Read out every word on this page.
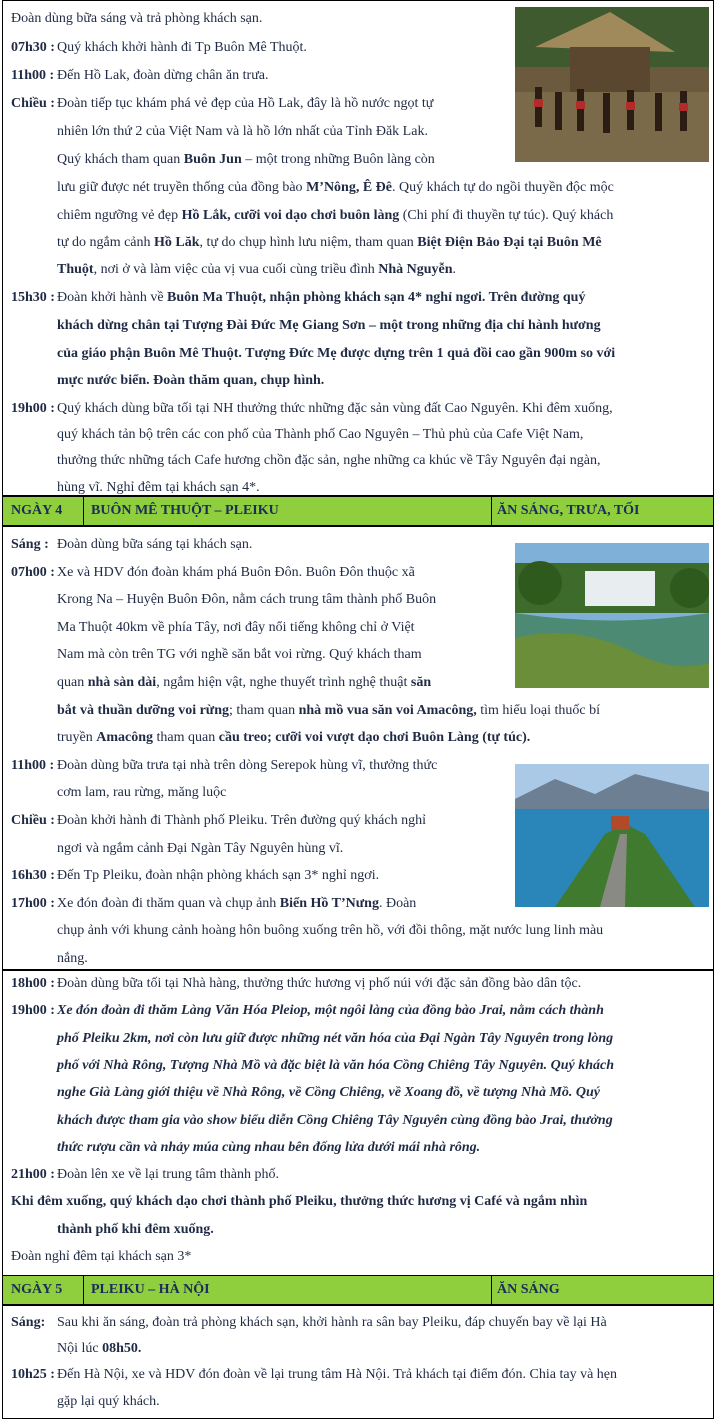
Đoàn dùng bữa sáng và trả phòng khách sạn.
07h30 : Quý khách khởi hành đi Tp Buôn Mê Thuột.
11h00 : Đến Hồ Lak, đoàn dừng chân ăn trưa.
Chiều : Đoàn tiếp tục khám phá vẻ đẹp của Hồ Lak, đây là hồ nước ngọt tự
nhiên lớn thứ 2 của Việt Nam và là hồ lớn nhất của Tỉnh Đăk Lak.
Quý khách tham quan Buôn Jun – một trong những Buôn làng còn
lưu giữ được nét truyền thống của đồng bào M’Nông, Ê Đê. Quý khách tự do ngồi thuyền độc mộc
chiêm ngưỡng vẻ đẹp Hồ Lắk, cưỡi voi dạo chơi buôn làng (Chi phí đi thuyền tự túc). Quý khách
tự do ngắm cảnh Hồ Lăk, tự do chụp hình lưu niệm, tham quan Biệt Điện Bảo Đại tại Buôn Mê
Thuột, nơi ở và làm việc của vị vua cuối cùng triều đình Nhà Nguyễn.
15h30 : Đoàn khởi hành về Buôn Ma Thuột, nhận phòng khách sạn 4* nghỉ ngơi. Trên đường quý
khách dừng chân tại Tượng Đài Đức Mẹ Giang Sơn – một trong những địa chỉ hành hương
của giáo phận Buôn Mê Thuột. Tượng Đức Mẹ được dựng trên 1 quả đồi cao gần 900m so với
mực nước biển. Đoàn thăm quan, chụp hình.
19h00 : Quý khách dùng bữa tối tại NH thưởng thức những đặc sản vùng đất Cao Nguyên. Khi đêm xuống,
quý khách tản bộ trên các con phố của Thành phố Cao Nguyên – Thủ phủ của Cafe Việt Nam,
thưởng thức những tách Cafe hương chồn đặc sản, nghe những ca khúc về Tây Nguyên đại ngàn,
hùng vĩ. Nghỉ đêm tại khách sạn 4*.
NGÀY 4 BUÔN MÊ THUỘT – PLEIKU	ĂN SÁNG, TRƯA, TỐI
Sáng : Đoàn dùng bữa sáng tại khách sạn.
07h00 : Xe và HDV đón đoàn khám phá Buôn Đôn. Buôn Đôn thuộc xã
Krong Na – Huyện Buôn Đôn, nằm cách trung tâm thành phố Buôn
Ma Thuột 40km về phía Tây, nơi đây nổi tiếng không chỉ ở Việt
Nam mà còn trên TG với nghề săn bắt voi rừng. Quý khách tham
quan nhà sàn dài, ngắm hiện vật, nghe thuyết trình nghệ thuật săn
bắt và thuần dưỡng voi rừng; tham quan nhà mồ vua săn voi Amacông, tìm hiểu loại thuốc bí
truyền Amacông tham quan cầu treo; cưỡi voi vượt dạo chơi Buôn Làng (tự túc).
11h00 : Đoàn dùng bữa trưa tại nhà trên dòng Serepok hùng vĩ, thưởng thức
cơm lam, rau rừng, măng luộc
Chiều : Đoàn khởi hành đi Thành phố Pleiku. Trên đường quý khách nghỉ
ngơi và ngắm cảnh Đại Ngàn Tây Nguyên hùng vĩ.
16h30 : Đến Tp Pleiku, đoàn nhận phòng khách sạn 3* nghỉ ngơi.
17h00 : Xe đón đoàn đi thăm quan và chụp ảnh Biển Hồ T’Nưng. Đoàn
chụp ảnh với khung cảnh hoàng hôn buông xuống trên hồ, với đồi thông, mặt nước lung linh màu
nắng.
18h00 : Đoàn dùng bữa tối tại Nhà hàng, thưởng thức hương vị phố núi với đặc sản đồng bào dân tộc.
19h00 : Xe đón đoàn đi thăm Làng Văn Hóa Pleiop, một ngôi làng của đồng bào Jrai, nằm cách thành
phố Pleiku 2km, nơi còn lưu giữ được những nét văn hóa của Đại Ngàn Tây Nguyên trong lòng
phố với Nhà Rông, Tượng Nhà Mồ và đặc biệt là văn hóa Cồng Chiêng Tây Nguyên. Quý khách
nghe Già Làng giới thiệu về Nhà Rông, về Cồng Chiêng, về Xoang đồ, về tượng Nhà Mồ. Quý
khách được tham gia vào show biểu diễn Cồng Chiêng Tây Nguyên cùng đồng bào Jrai, thưởng
thức rượu cần và nhảy múa cùng nhau bên đống lửa dưới mái nhà rông.
21h00 : Đoàn lên xe về lại trung tâm thành phố.
Khi đêm xuống, quý khách dạo chơi thành phố Pleiku, thưởng thức hương vị Café và ngắm nhìn
thành phố khi đêm xuống.
Đoàn nghỉ đêm tại khách sạn 3*
NGÀY 5 PLEIKU – HÀ NỘI	ĂN SÁNG
Sáng: Sau khi ăn sáng, đoàn trả phòng khách sạn, khởi hành ra sân bay Pleiku, đáp chuyến bay về lại Hà
Nội lúc 08h50.
10h25 : Đến Hà Nội, xe và HDV đón đoàn về lại trung tâm Hà Nội. Trả khách tại điểm đón. Chia tay và hẹn
gặp lại quý khách.
